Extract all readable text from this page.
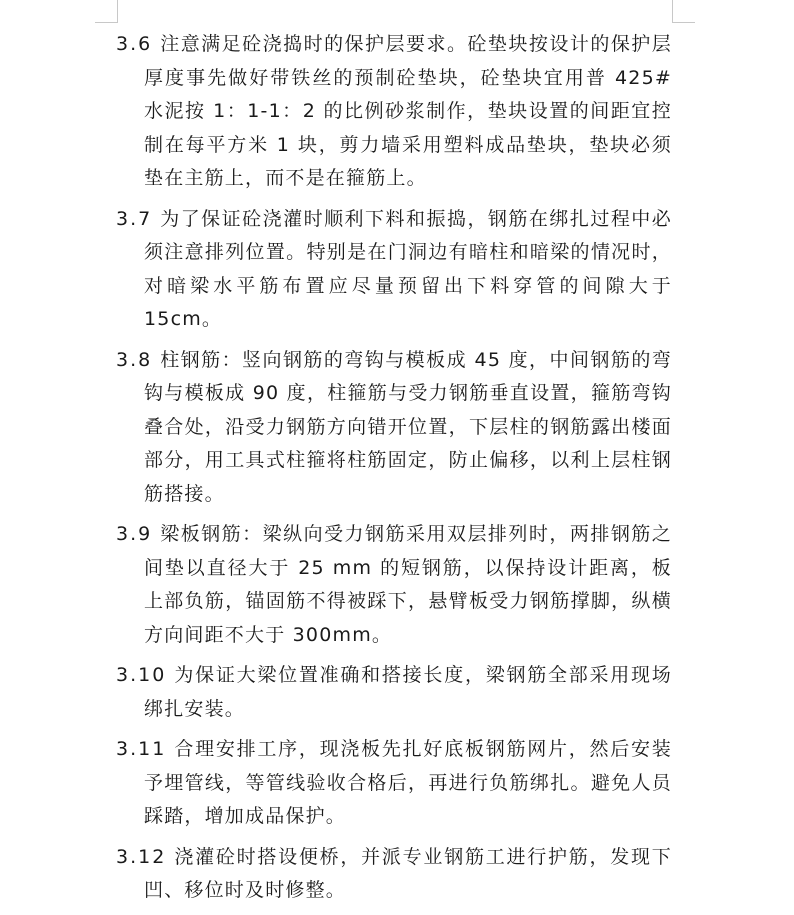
3.6 注意满足砼浇捣时的保护层要求。砼垫块按设计的保护层厚度事先做好带铁丝的预制砼垫块，砼垫块宜用普 425# 水泥按 1：1-1：2 的比例砂浆制作，垫块设置的间距宜控制在每平方米 1 块，剪力墙采用塑料成品垫块，垫块必须垫在主筋上，而不是在箍筋上。

3.7 为了保证砼浇灌时顺利下料和振捣，钢筋在绑扎过程中必须注意排列位置。特别是在门洞边有暗柱和暗梁的情况时，对暗梁水平筋布置应尽量预留出下料穿管的间隙大于 15cm。

3.8 柱钢筋：竖向钢筋的弯钩与模板成 45 度，中间钢筋的弯钩与模板成 90 度，柱箍筋与受力钢筋垂直设置，箍筋弯钩叠合处，沿受力钢筋方向错开位置，下层柱的钢筋露出楼面部分，用工具式柱箍将柱筋固定，防止偏移，以利上层柱钢筋搭接。

3.9 梁板钢筋：梁纵向受力钢筋采用双层排列时，两排钢筋之间垫以直径大于 25 mm 的短钢筋，以保持设计距离，板上部负筋，锚固筋不得被踩下，悬臂板受力钢筋撑脚，纵横方向间距不大于 300mm。

3.10 为保证大梁位置准确和搭接长度，梁钢筋全部采用现场绑扎安装。

3.11 合理安排工序，现浇板先扎好底板钢筋网片，然后安装予埋管线，等管线验收合格后，再进行负筋绑扎。避免人员踩踏，增加成品保护。

3.12 浇灌砼时搭设便桥，并派专业钢筋工进行护筋，发现下凹、移位时及时修整。
